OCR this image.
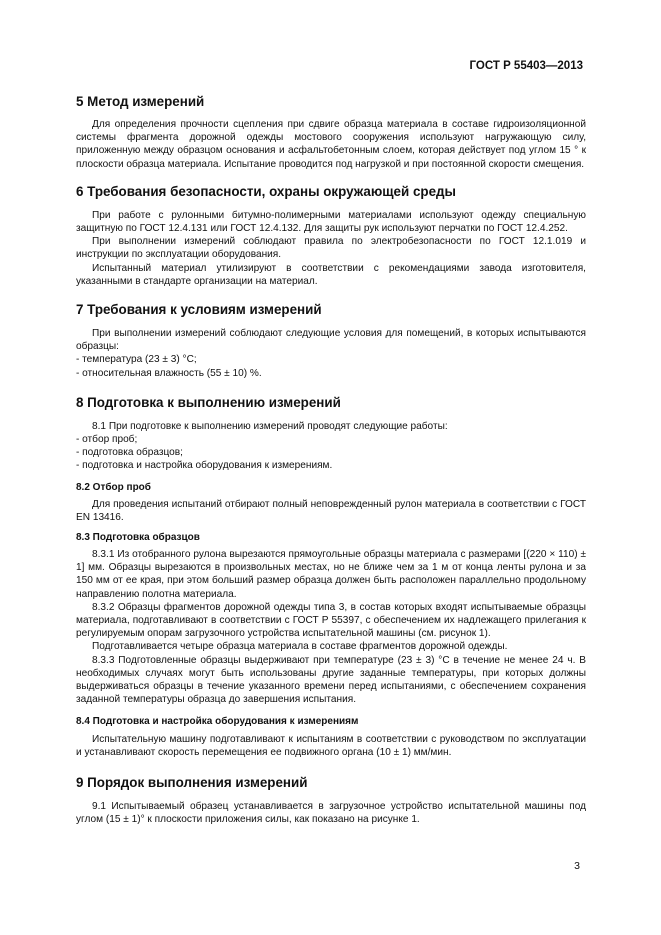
ГОСТ Р 55403—2013
5 Метод измерений

Для определения прочности сцепления при сдвиге образца материала в составе гидроизоляционной системы фрагмента дорожной одежды мостового сооружения используют нагружающую силу, приложенную между образцом основания и асфальтобетонным слоем, которая действует под углом 15 ° к плоскости образца материала. Испытание проводится под нагрузкой и при постоянной скорости смещения.

6 Требования безопасности, охраны окружающей среды

При работе с рулонными битумно-полимерными материалами используют одежду специальную защитную по ГОСТ 12.4.131 или ГОСТ 12.4.132. Для защиты рук используют перчатки по ГОСТ 12.4.252.

При выполнении измерений соблюдают правила по электробезопасности по ГОСТ 12.1.019 и инструкции по эксплуатации оборудования.

Испытанный материал утилизируют в соответствии с рекомендациями завода изготовителя, указанными в стандарте организации на материал.

7 Требования к условиям измерений

При выполнении измерений соблюдают следующие условия для помещений, в которых испытываются образцы:

- температура (23 ± 3) °C;

- относительная влажность (55 ± 10) %.

8 Подготовка к выполнению измерений

8.1 При подготовке к выполнению измерений проводят следующие работы:

- отбор проб;

- подготовка образцов;

- подготовка и настройка оборудования к измерениям.

8.2 Отбор проб

Для проведения испытаний отбирают полный неповрежденный рулон материала в соответствии с ГОСТ EN 13416.

8.3 Подготовка образцов

8.3.1 Из отобранного рулона вырезаются прямоугольные образцы материала с размерами [(220 × 110) ± 1] мм. Образцы вырезаются в произвольных местах, но не ближе чем за 1 м от конца ленты рулона и за 150 мм от ее края, при этом больший размер образца должен быть расположен параллельно продольному направлению полотна материала.

8.3.2 Образцы фрагментов дорожной одежды типа 3, в состав которых входят испытываемые образцы материала, подготавливают в соответствии с ГОСТ Р 55397, с обеспечением их надлежащего прилегания к регулируемым опорам загрузочного устройства испытательной машины (см. рисунок 1).

Подготавливается четыре образца материала в составе фрагментов дорожной одежды.

8.3.3 Подготовленные образцы выдерживают при температуре (23 ± 3) °C в течение не менее 24 ч. В необходимых случаях могут быть использованы другие заданные температуры, при которых должны выдерживаться образцы в течение указанного времени перед испытаниями, с обеспечением сохранения заданной температуры образца до завершения испытания.

8.4 Подготовка и настройка оборудования к измерениям

Испытательную машину подготавливают к испытаниям в соответствии с руководством по эксплуатации и устанавливают скорость перемещения ее подвижного органа (10 ± 1) мм/мин.

9 Порядок выполнения измерений

9.1 Испытываемый образец устанавливается в загрузочное устройство испытательной машины под углом (15 ± 1)° к плоскости приложения силы, как показано на рисунке 1.

3
